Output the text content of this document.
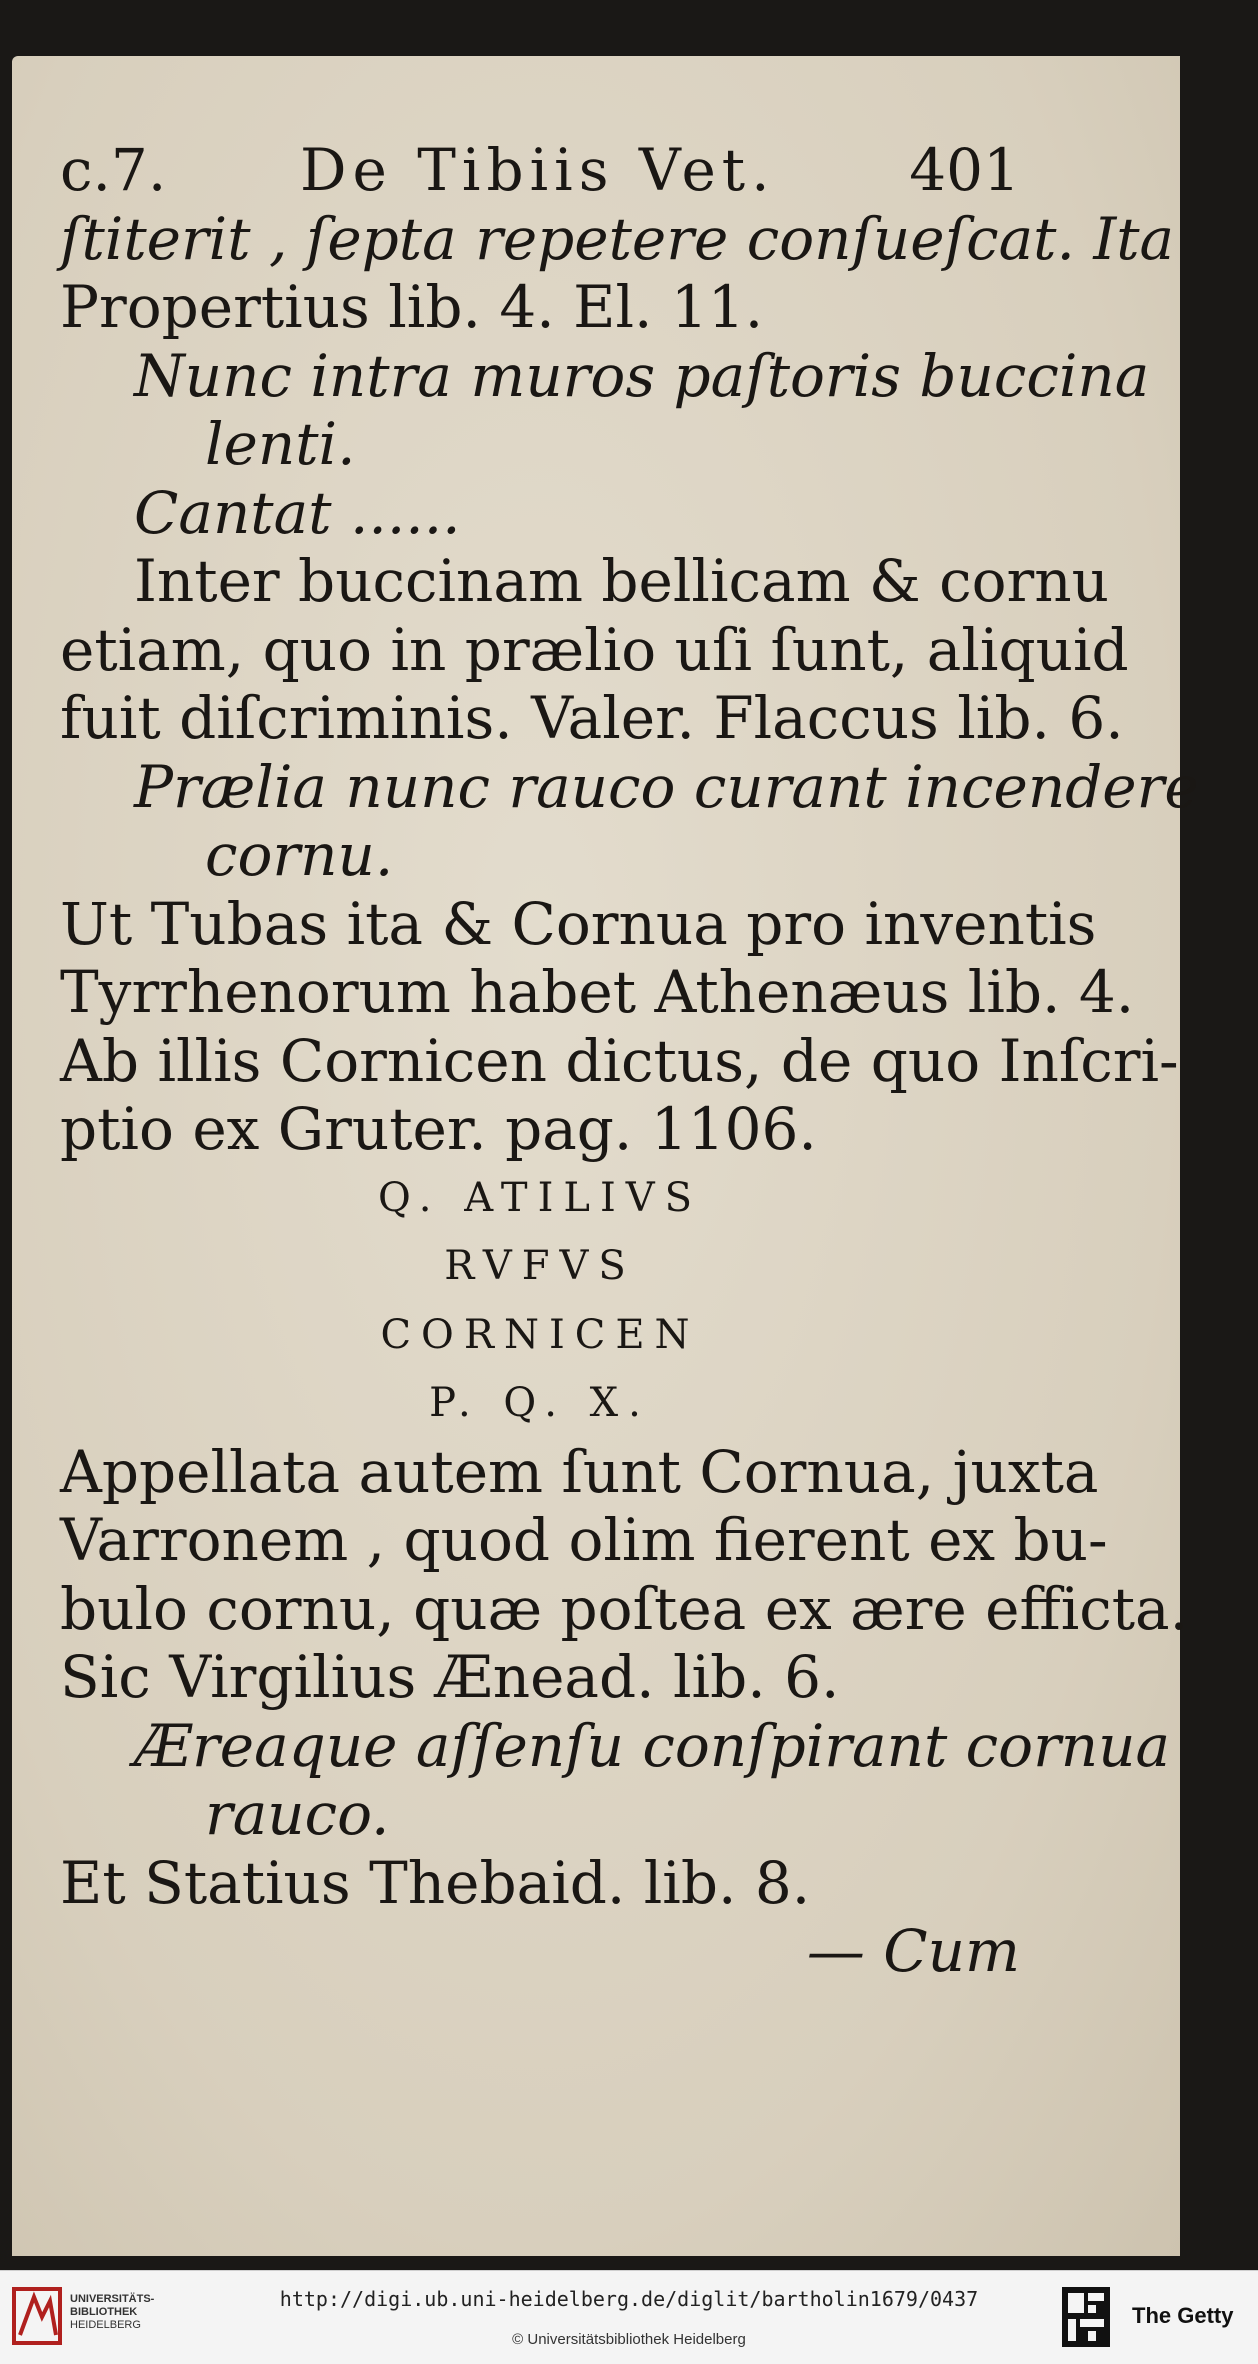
c.7. De Tibiis Vet. 401
ſtiterit , ſepta repetere conſueſcat. Ita
Propertius lib. 4. El. 11.
Nunc intra muros paſtoris buccina
lenti.
Cantat ......
Inter buccinam bellicam & cornu
etiam, quo in prælio uſi ſunt, aliquid
fuit diſcriminis. Valer. Flaccus lib. 6.
Prælia nunc rauco curant incendere
cornu.
Ut Tubas ita & Cornua pro inventis
Tyrrhenorum habet Athenæus lib. 4.
Ab illis Cornicen dictus, de quo Inſcri-
ptio ex Gruter. pag. 1106.
Q. ATILIVS
RVFVS
CORNICEN
P. Q. X.
Appellata autem ſunt Cornua, juxta
Varronem , quod olim fierent ex bu-
bulo cornu, quæ poſtea ex ære effiсta.
Sic Virgilius Ænead. lib. 6.
Æreaque aſſenſu conſpirant cornua
rauco.
Et Statius Thebaid. lib. 8.
— Cum
UNIVERSITÄTS-
BIBLIOTHEK
HEIDELBERG
http://digi.ub.uni-heidelberg.de/diglit/bartholin1679/0437
© Universitätsbibliothek Heidelberg
The Getty
